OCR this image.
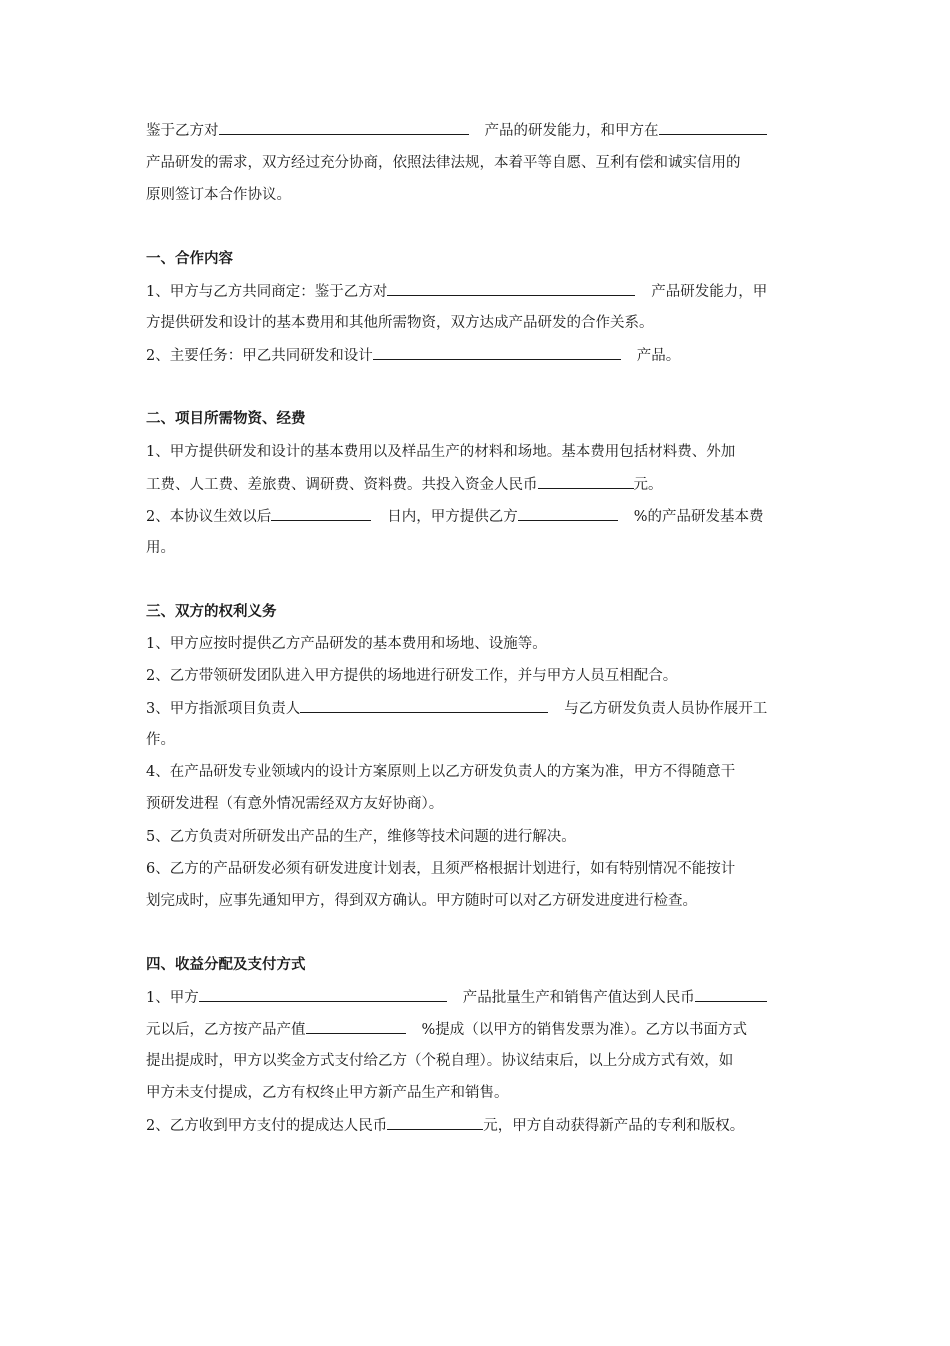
鉴于乙方对	产品的研发能力，和甲方在
产品研发的需求，双方经过充分协商，依照法律法规，本着平等自愿、互利有偿和诚实信用的
原则签订本合作协议。
一、合作内容
1、甲方与乙方共同商定：鉴于乙方对	产品研发能力，甲
方提供研发和设计的基本费用和其他所需物资，双方达成产品研发的合作关系。
2、主要任务：甲乙共同研发和设计	产品。
二、项目所需物资、经费
1、甲方提供研发和设计的基本费用以及样品生产的材料和场地。基本费用包括材料费、外加
工费、人工费、差旅费、调研费、资料费。共投入资金人民币	元。
2、本协议生效以后	日内，甲方提供乙方	%的产品研发基本费
用。
三、双方的权利义务
1、甲方应按时提供乙方产品研发的基本费用和场地、设施等。
2、乙方带领研发团队进入甲方提供的场地进行研发工作，并与甲方人员互相配合。
3、甲方指派项目负责人	与乙方研发负责人员协作展开工
作。
4、在产品研发专业领域内的设计方案原则上以乙方研发负责人的方案为准，甲方不得随意干
预研发进程（有意外情况需经双方友好协商）。
5、乙方负责对所研发出产品的生产，维修等技术问题的进行解决。
6、乙方的产品研发必须有研发进度计划表，且须严格根据计划进行，如有特别情况不能按计
划完成时，应事先通知甲方，得到双方确认。甲方随时可以对乙方研发进度进行检查。
四、收益分配及支付方式
1、甲方	产品批量生产和销售产值达到人民币
元以后，乙方按产品产值	%提成（以甲方的销售发票为准）。乙方以书面方式
提出提成时，甲方以奖金方式支付给乙方（个税自理）。协议结束后，以上分成方式有效，如
甲方未支付提成，乙方有权终止甲方新产品生产和销售。
2、乙方收到甲方支付的提成达人民币	元，甲方自动获得新产品的专利和版权。
